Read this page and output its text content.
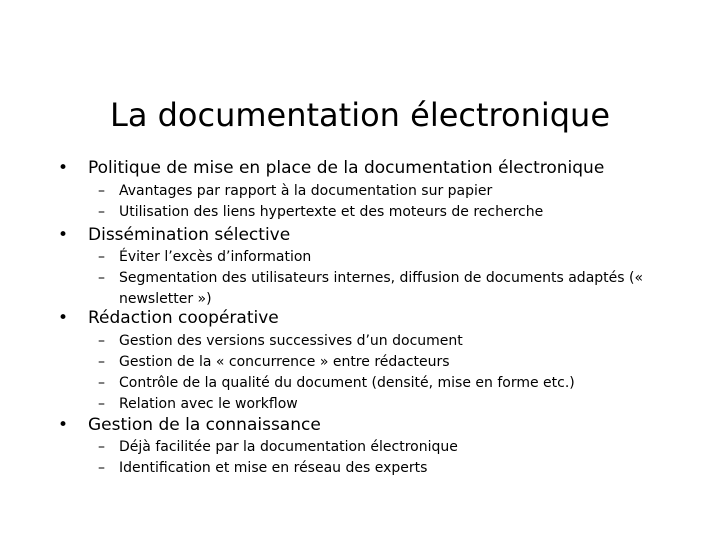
La documentation électronique
• Politique de mise en place de la documentation électronique
– Avantages par rapport à la documentation sur papier
– Utilisation des liens hypertexte et des moteurs de recherche
• Dissémination sélective
– Éviter l’excès d’information
– Segmentation des utilisateurs internes, diffusion de documents adaptés (« newsletter »)
• Rédaction coopérative
– Gestion des versions successives d’un document
– Gestion de la « concurrence » entre rédacteurs
– Contrôle de la qualité du document (densité, mise en forme etc.)
– Relation avec le workflow
• Gestion de la connaissance
– Déjà facilitée par la documentation électronique
– Identification et mise en réseau des experts
